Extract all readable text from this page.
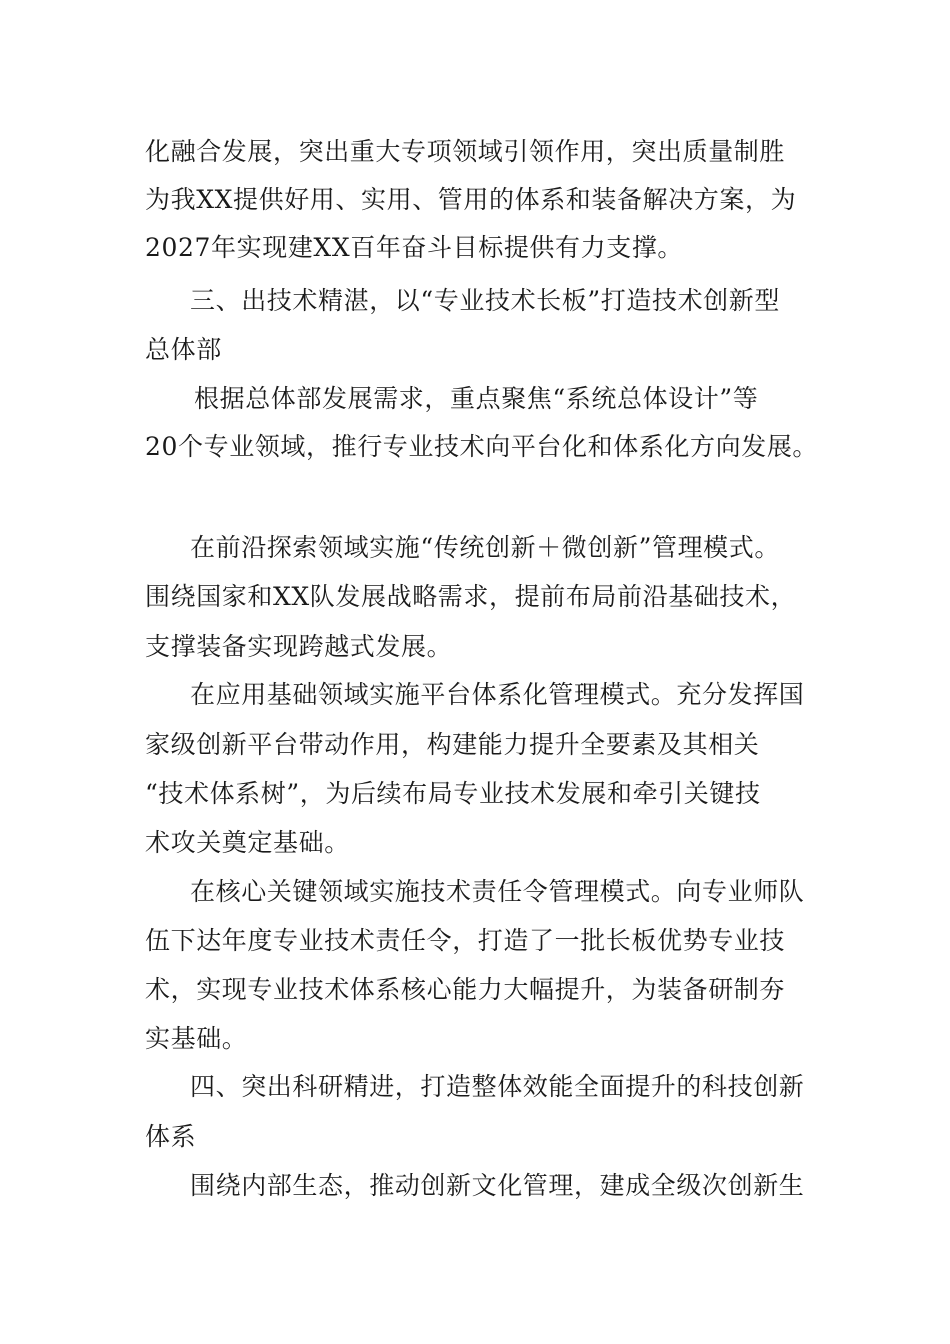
化融合发展，突出重大专项领域引领作用，突出质量制胜
为我XX提供好用、实用、管用的体系和装备解决方案，为
2027年实现建XX百年奋斗目标提供有力支撑。
三、出技术精湛，以“专业技术长板”打造技术创新型
总体部
根据总体部发展需求，重点聚焦“系统总体设计”等
20个专业领域，推行专业技术向平台化和体系化方向发展。
在前沿探索领域实施“传统创新＋微创新”管理模式。
围绕国家和XX队发展战略需求，提前布局前沿基础技术，
支撑装备实现跨越式发展。
在应用基础领域实施平台体系化管理模式。充分发挥国
家级创新平台带动作用，构建能力提升全要素及其相关
“技术体系树”，为后续布局专业技术发展和牵引关键技
术攻关奠定基础。
在核心关键领域实施技术责任令管理模式。向专业师队
伍下达年度专业技术责任令，打造了一批长板优势专业技
术，实现专业技术体系核心能力大幅提升，为装备研制夯
实基础。
四、突出科研精进，打造整体效能全面提升的科技创新
体系
围绕内部生态，推动创新文化管理，建成全级次创新生
